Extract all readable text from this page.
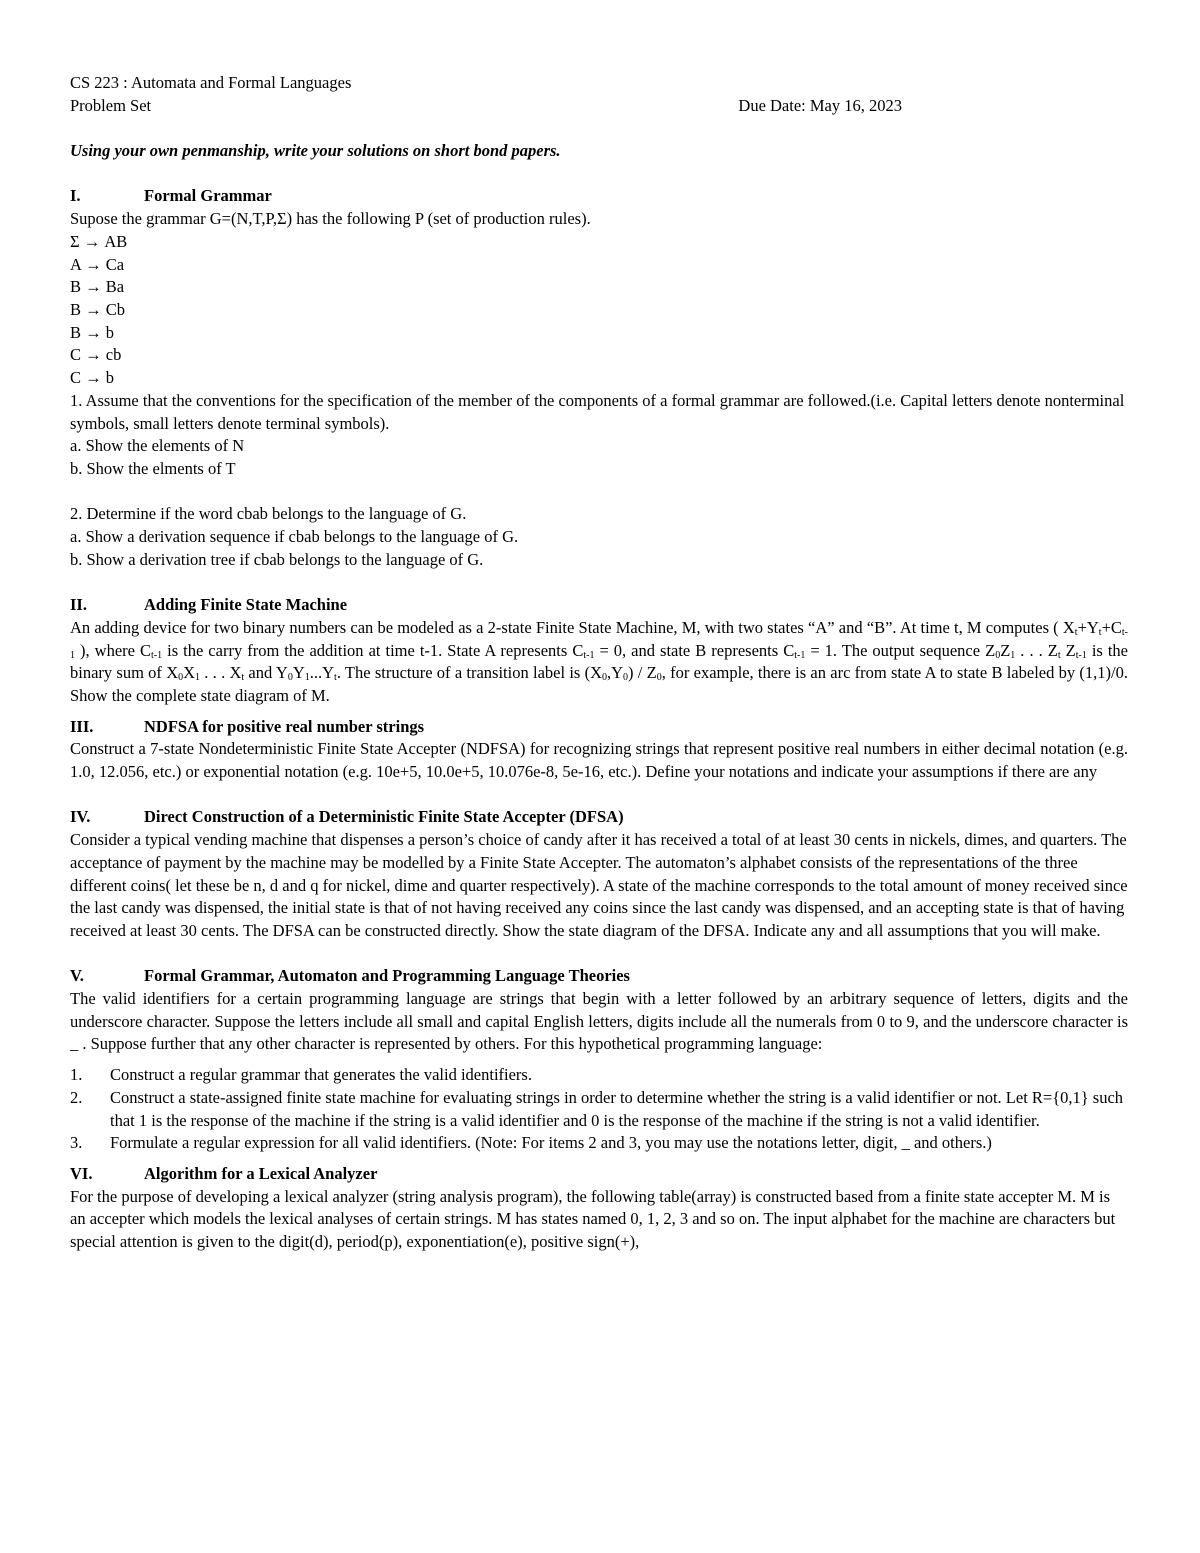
CS 223 : Automata and Formal Languages
Problem Set	Due Date: May 16, 2023
Using your own penmanship, write your solutions on short bond papers.
I.	Formal Grammar
Supose the grammar G=(N,T,P,Σ) has the following P (set of production rules).
Σ → AB
A → Ca
B → Ba
B → Cb
B → b
C → cb
C → b
1. Assume that the conventions for the specification of the member of the components of a formal grammar are followed.(i.e. Capital letters denote nonterminal symbols, small letters denote terminal symbols).
a. Show the elements of N
b. Show the elments of T
2. Determine if the word cbab belongs to the language of G.
a. Show a derivation sequence if cbab belongs to the language of G.
b. Show a derivation tree if cbab belongs to the language of G.
II.	Adding Finite State Machine
An adding device for two binary numbers can be modeled as a 2-state Finite State Machine, M, with two states “A” and “B”. At time t, M computes ( $X_t+Y_t+C_{t-1}$ ), where $C_{t-1}$ is the carry from the addition at time t-1. State A represents $C_{t-1} = 0$, and state B represents $C_{t-1} = 1$. The output sequence $Z_0Z_1$ . . . $Z_t$ $Z_{t-1}$ is the binary sum of $X_0X_1$ . . . $X_t$ and $Y_0Y_1...Y_t$. The structure of a transition label is $(X_0,Y_0) / Z_0$, for example, there is an arc from state A to state B labeled by (1,1)/0. Show the complete state diagram of M.
III.	NDFSA for positive real number strings
Construct a 7-state Nondeterministic Finite State Accepter (NDFSA) for recognizing strings that represent positive real numbers in either decimal notation (e.g. 1.0, 12.056, etc.) or exponential notation (e.g. 10e+5, 10.0e+5, 10.076e-8, 5e-16, etc.). Define your notations and indicate your assumptions if there are any
IV.	Direct Construction of a Deterministic Finite State Accepter (DFSA)
Consider a typical vending machine that dispenses a person’s choice of candy after it has received a total of at least 30 cents in nickels, dimes, and quarters. The acceptance of payment by the machine may be modelled by a Finite State Accepter. The automaton’s alphabet consists of the representations of the three different coins( let these be n, d and q for nickel, dime and quarter respectively). A state of the machine corresponds to the total amount of money received since the last candy was dispensed, the initial state is that of not having received any coins since the last candy was dispensed, and an accepting state is that of having received at least 30 cents. The DFSA can be constructed directly. Show the state diagram of the DFSA. Indicate any and all assumptions that you will make.
V.	Formal Grammar, Automaton and Programming Language Theories
The valid identifiers for a certain programming language are strings that begin with a letter followed by an arbitrary sequence of letters, digits and the underscore character. Suppose the letters include all small and capital English letters, digits include all the numerals from 0 to 9, and the underscore character is _ . Suppose further that any other character is represented by others. For this hypothetical programming language:
1.	Construct a regular grammar that generates the valid identifiers.
2.	Construct a state-assigned finite state machine for evaluating strings in order to determine whether the string is a valid identifier or not. Let R={0,1} such that 1 is the response of the machine if the string is a valid identifier and 0 is the response of the machine if the string is not a valid identifier.
3.	Formulate a regular expression for all valid identifiers. (Note: For items 2 and 3, you may use the notations letter, digit, _ and others.)
VI.	Algorithm for a Lexical Analyzer
For the purpose of developing a lexical analyzer (string analysis program), the following table(array) is constructed based from a finite state accepter M. M is an accepter which models the lexical analyses of certain strings. M has states named 0, 1, 2, 3 and so on. The input alphabet for the machine are characters but special attention is given to the digit(d), period(p), exponentiation(e), positive sign(+),
